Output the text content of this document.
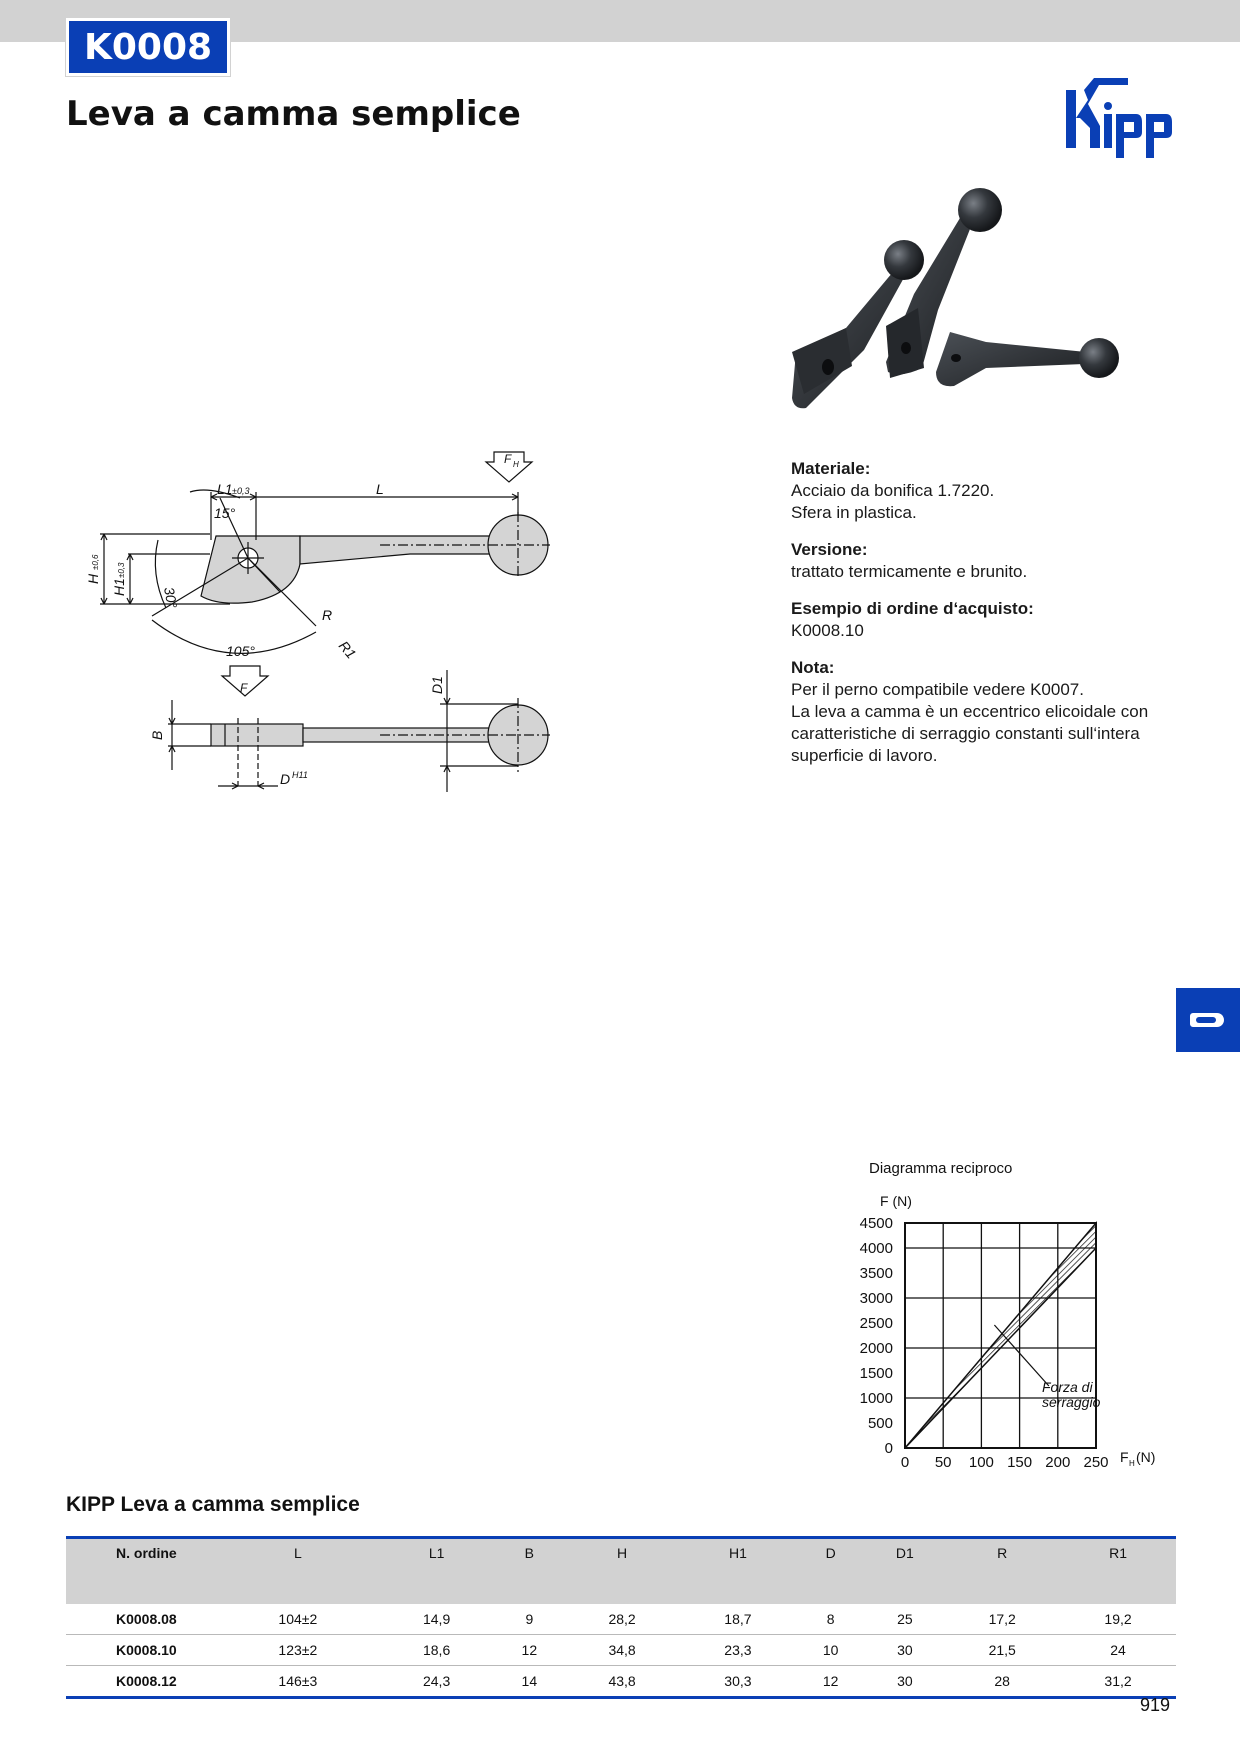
K0008
Leva a camma semplice
L1 ±0,3	L
F H
15°
30°
105°
R
R1
H
±0,6
H1
±0,3
F
B
D1
D H11
Materiale:
Acciaio da bonifica 1.7220.
Sfera in plastica.
Versione:
trattato termicamente e brunito.
Esempio di ordine d‘acquisto:
K0008.10
Nota:
Per il perno compatibile vedere K0007.
La leva a camma è un eccentrico elicoidale con
caratteristiche di serraggio constanti sull‘intera
superficie di lavoro.
Diagramma reciproco
F (N)
0
500
1000
1500
2000
2500
3000
3500
4000
4500
0 50 100 150 200 250
Forza di
serraggio
F H (N)
KIPP Leva a camma semplice
N. ordine	L	L1	B	H	H1	D	D1	R	R1
K0008.08	104±2	14,9	9	28,2	18,7	8	25	17,2	19,2
K0008.10	123±2	18,6	12	34,8	23,3	10	30	21,5	24
K0008.12	146±3	24,3	14	43,8	30,3	12	30	28	31,2
919
